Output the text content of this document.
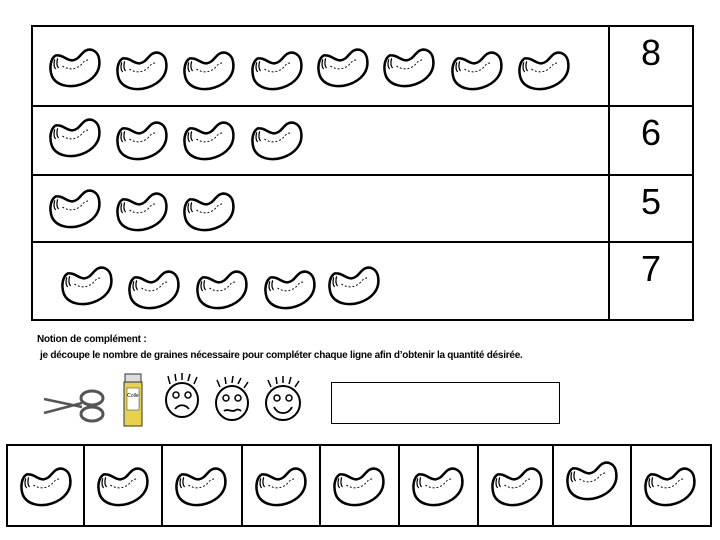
8
6
5
7
Notion de complément :
je découpe le nombre de graines nécessaire pour compléter chaque ligne afin d’obtenir la quantité désirée.
Colle
